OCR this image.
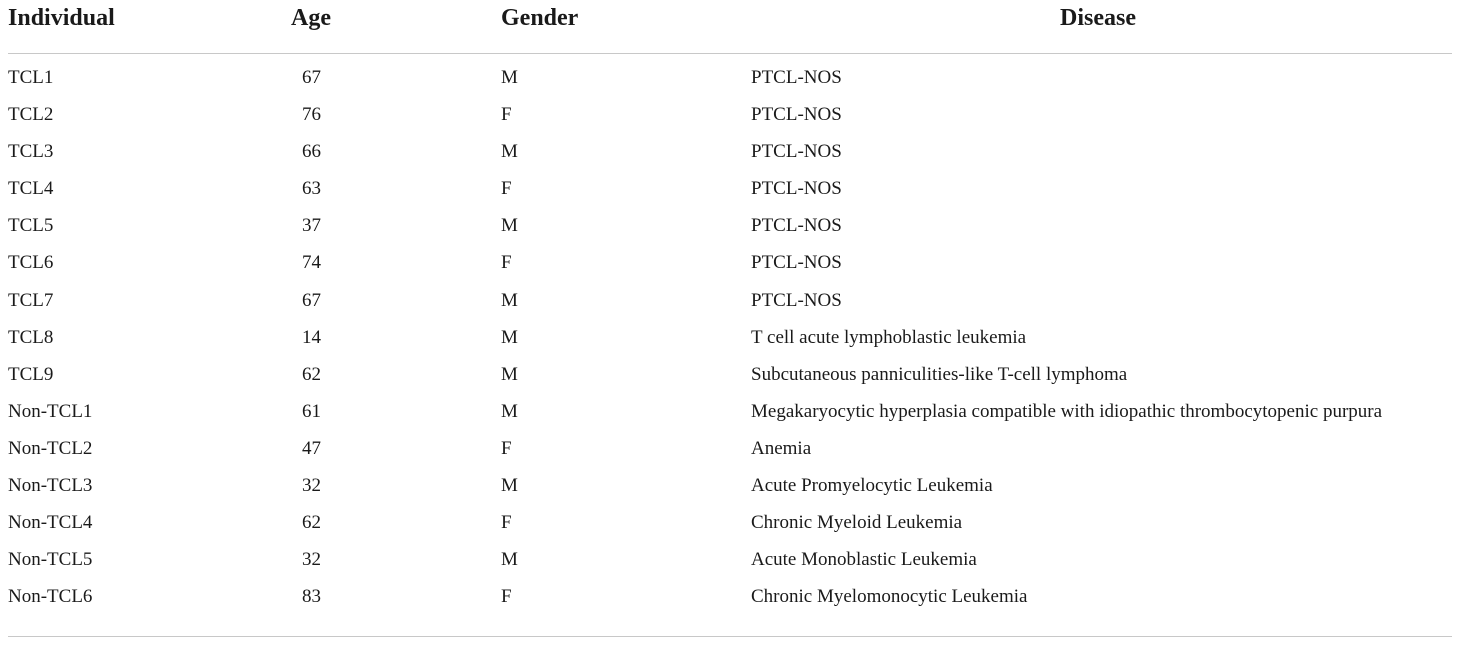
Individual	Age	Gender	Disease
TCL1	67	M	PTCL-NOS
TCL2	76	F	PTCL-NOS
TCL3	66	M	PTCL-NOS
TCL4	63	F	PTCL-NOS
TCL5	37	M	PTCL-NOS
TCL6	74	F	PTCL-NOS
TCL7	67	M	PTCL-NOS
TCL8	14	M	T cell acute lymphoblastic leukemia
TCL9	62	M	Subcutaneous panniculities-like T-cell lymphoma
Non-TCL1	61	M	Megakaryocytic hyperplasia compatible with idiopathic thrombocytopenic purpura
Non-TCL2	47	F	Anemia
Non-TCL3	32	M	Acute Promyelocytic Leukemia
Non-TCL4	62	F	Chronic Myeloid Leukemia
Non-TCL5	32	M	Acute Monoblastic Leukemia
Non-TCL6	83	F	Chronic Myelomonocytic Leukemia
